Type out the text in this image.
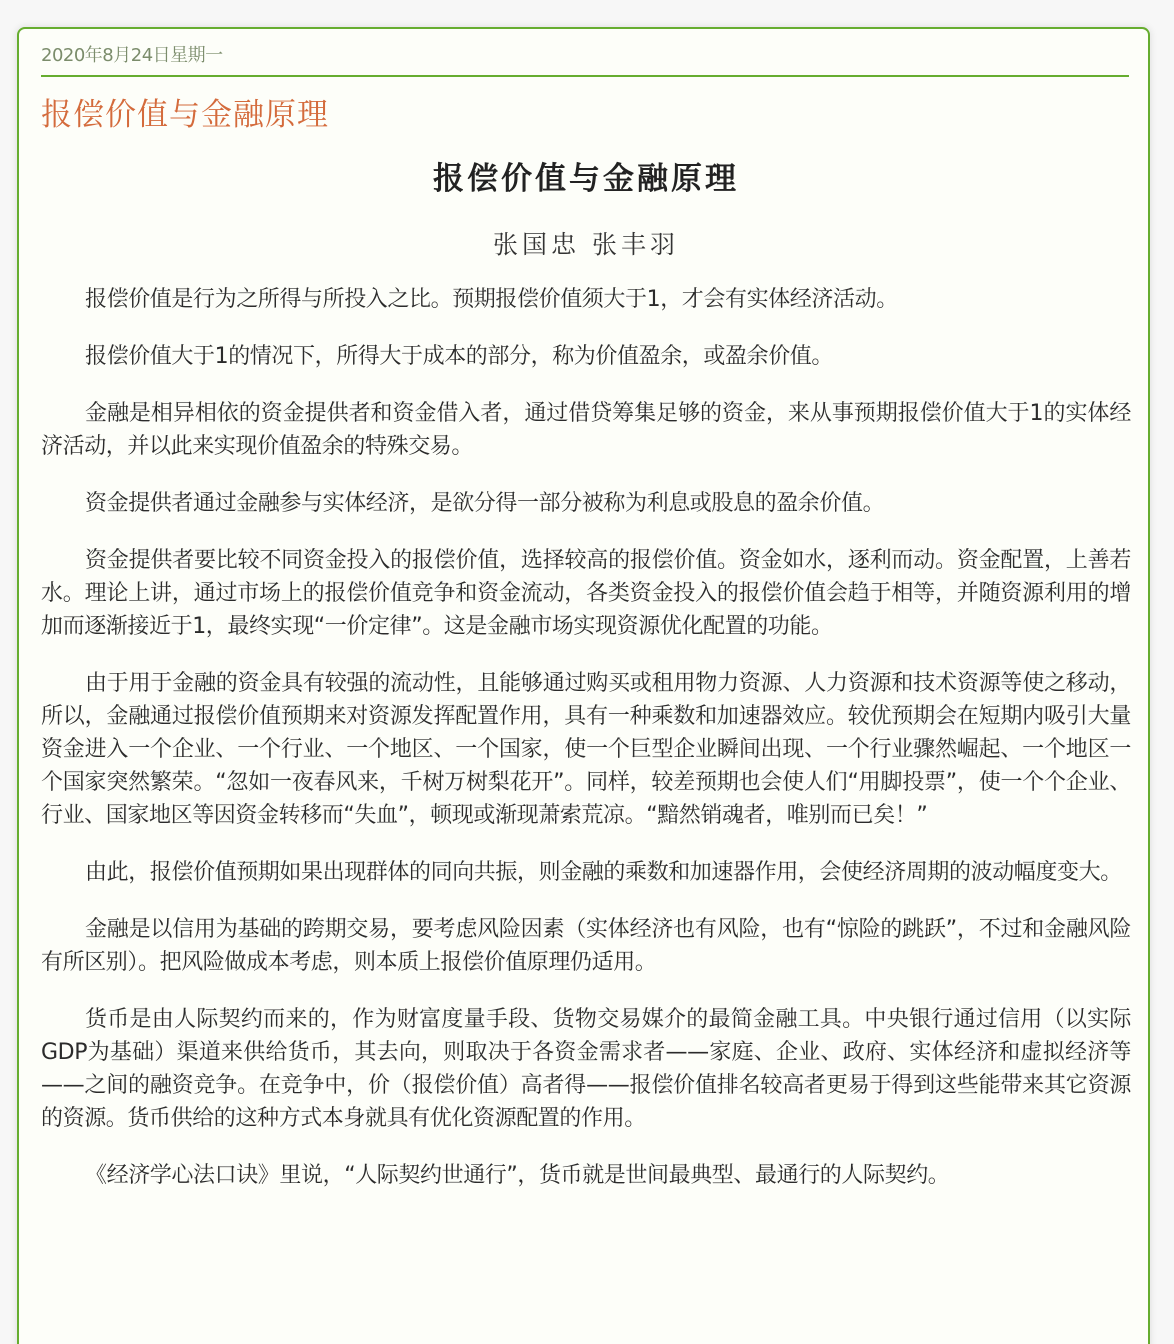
2020年8月24日星期一
报偿价值与金融原理
报偿价值与金融原理
张国忠 张丰羽

报偿价值是行为之所得与所投入之比。预期报偿价值须大于1，才会有实体经济活动。

报偿价值大于1的情况下，所得大于成本的部分，称为价值盈余，或盈余价值。

金融是相异相依的资金提供者和资金借入者，通过借贷筹集足够的资金，来从事预期报偿价值大于1的实体经济活动，并以此来实现价值盈余的特殊交易。

资金提供者通过金融参与实体经济，是欲分得一部分被称为利息或股息的盈余价值。

资金提供者要比较不同资金投入的报偿价值，选择较高的报偿价值。资金如水，逐利而动。资金配置，上善若水。理论上讲，通过市场上的报偿价值竞争和资金流动，各类资金投入的报偿价值会趋于相等，并随资源利用的增加而逐渐接近于1，最终实现“一价定律”。这是金融市场实现资源优化配置的功能。

由于用于金融的资金具有较强的流动性，且能够通过购买或租用物力资源、人力资源和技术资源等使之移动，所以，金融通过报偿价值预期来对资源发挥配置作用，具有一种乘数和加速器效应。较优预期会在短期内吸引大量资金进入一个企业、一个行业、一个地区、一个国家，使一个巨型企业瞬间出现、一个行业骤然崛起、一个地区一个国家突然繁荣。“忽如一夜春风来，千树万树梨花开”。同样，较差预期也会使人们“用脚投票”，使一个个企业、行业、国家地区等因资金转移而“失血”，顿现或渐现萧索荒凉。“黯然销魂者，唯别而已矣！”

由此，报偿价值预期如果出现群体的同向共振，则金融的乘数和加速器作用，会使经济周期的波动幅度变大。

金融是以信用为基础的跨期交易，要考虑风险因素（实体经济也有风险，也有“惊险的跳跃”，不过和金融风险有所区别）。把风险做成本考虑，则本质上报偿价值原理仍适用。

货币是由人际契约而来的，作为财富度量手段、货物交易媒介的最简金融工具。中央银行通过信用（以实际GDP为基础）渠道来供给货币，其去向，则取决于各资金需求者——家庭、企业、政府、实体经济和虚拟经济等——之间的融资竞争。在竞争中，价（报偿价值）高者得——报偿价值排名较高者更易于得到这些能带来其它资源的资源。货币供给的这种方式本身就具有优化资源配置的作用。

《经济学心法口诀》里说，“人际契约世通行”，货币就是世间最典型、最通行的人际契约。
